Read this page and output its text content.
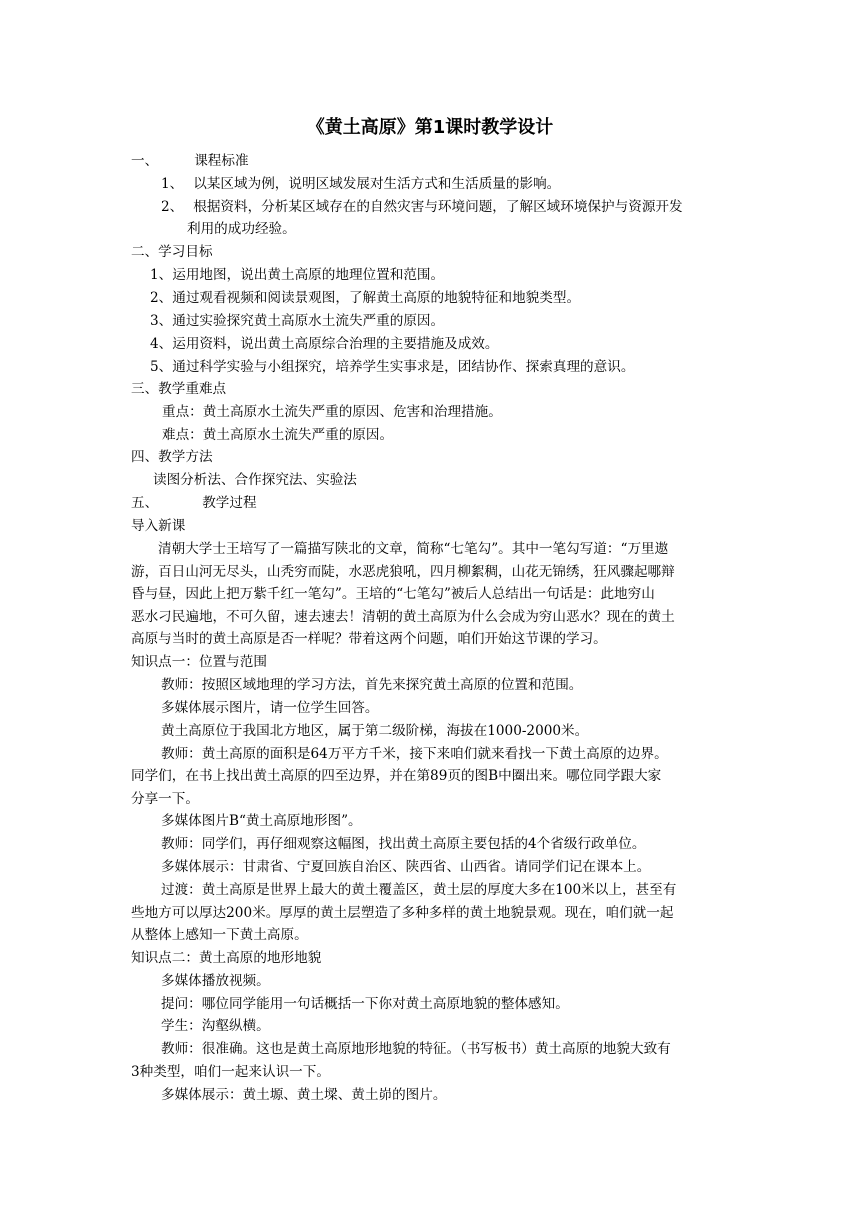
《黄土高原》第1课时教学设计
一、	课程标准
1、 以某区域为例，说明区域发展对生活方式和生活质量的影响。
2、 根据资料，分析某区域存在的自然灾害与环境问题，了解区域环境保护与资源开发
利用的成功经验。
二、学习目标
1、运用地图，说出黄土高原的地理位置和范围。
2、通过观看视频和阅读景观图，了解黄土高原的地貌特征和地貌类型。
3、通过实验探究黄土高原水土流失严重的原因。
4、运用资料，说出黄土高原综合治理的主要措施及成效。
5、通过科学实验与小组探究，培养学生实事求是，团结协作、探索真理的意识。
三、教学重难点
重点：黄土高原水土流失严重的原因、危害和治理措施。
难点：黄土高原水土流失严重的原因。
四、教学方法
读图分析法、合作探究法、实验法
五、	教学过程
导入新课
清朝大学士王培写了一篇描写陕北的文章，简称“七笔勾”。其中一笔勾写道：“万里遨
游，百日山河无尽头，山秃穷而陡，水恶虎狼吼，四月柳絮稠，山花无锦绣，狂风骤起哪辩
昏与昼，因此上把万紫千红一笔勾”。王培的“七笔勾”被后人总结出一句话是：此地穷山
恶水刁民遍地，不可久留，速去速去！清朝的黄土高原为什么会成为穷山恶水？现在的黄土
高原与当时的黄土高原是否一样呢？带着这两个问题，咱们开始这节课的学习。
知识点一：位置与范围
教师：按照区域地理的学习方法，首先来探究黄土高原的位置和范围。
多媒体展示图片，请一位学生回答。
黄土高原位于我国北方地区，属于第二级阶梯，海拔在1000-2000米。
教师：黄土高原的面积是64万平方千米，接下来咱们就来看找一下黄土高原的边界。
同学们，在书上找出黄土高原的四至边界，并在第89页的图B中圈出来。哪位同学跟大家
分享一下。
多媒体图片B“黄土高原地形图”。
教师：同学们，再仔细观察这幅图，找出黄土高原主要包括的4个省级行政单位。
多媒体展示：甘肃省、宁夏回族自治区、陕西省、山西省。请同学们记在课本上。
过渡：黄土高原是世界上最大的黄土覆盖区，黄土层的厚度大多在100米以上，甚至有
些地方可以厚达200米。厚厚的黄土层塑造了多种多样的黄土地貌景观。现在，咱们就一起
从整体上感知一下黄土高原。
知识点二：黄土高原的地形地貌
多媒体播放视频。
提问：哪位同学能用一句话概括一下你对黄土高原地貌的整体感知。
学生：沟壑纵横。
教师：很准确。这也是黄土高原地形地貌的特征。（书写板书）黄土高原的地貌大致有
3种类型，咱们一起来认识一下。
多媒体展示：黄土塬、黄土墚、黄土峁的图片。
